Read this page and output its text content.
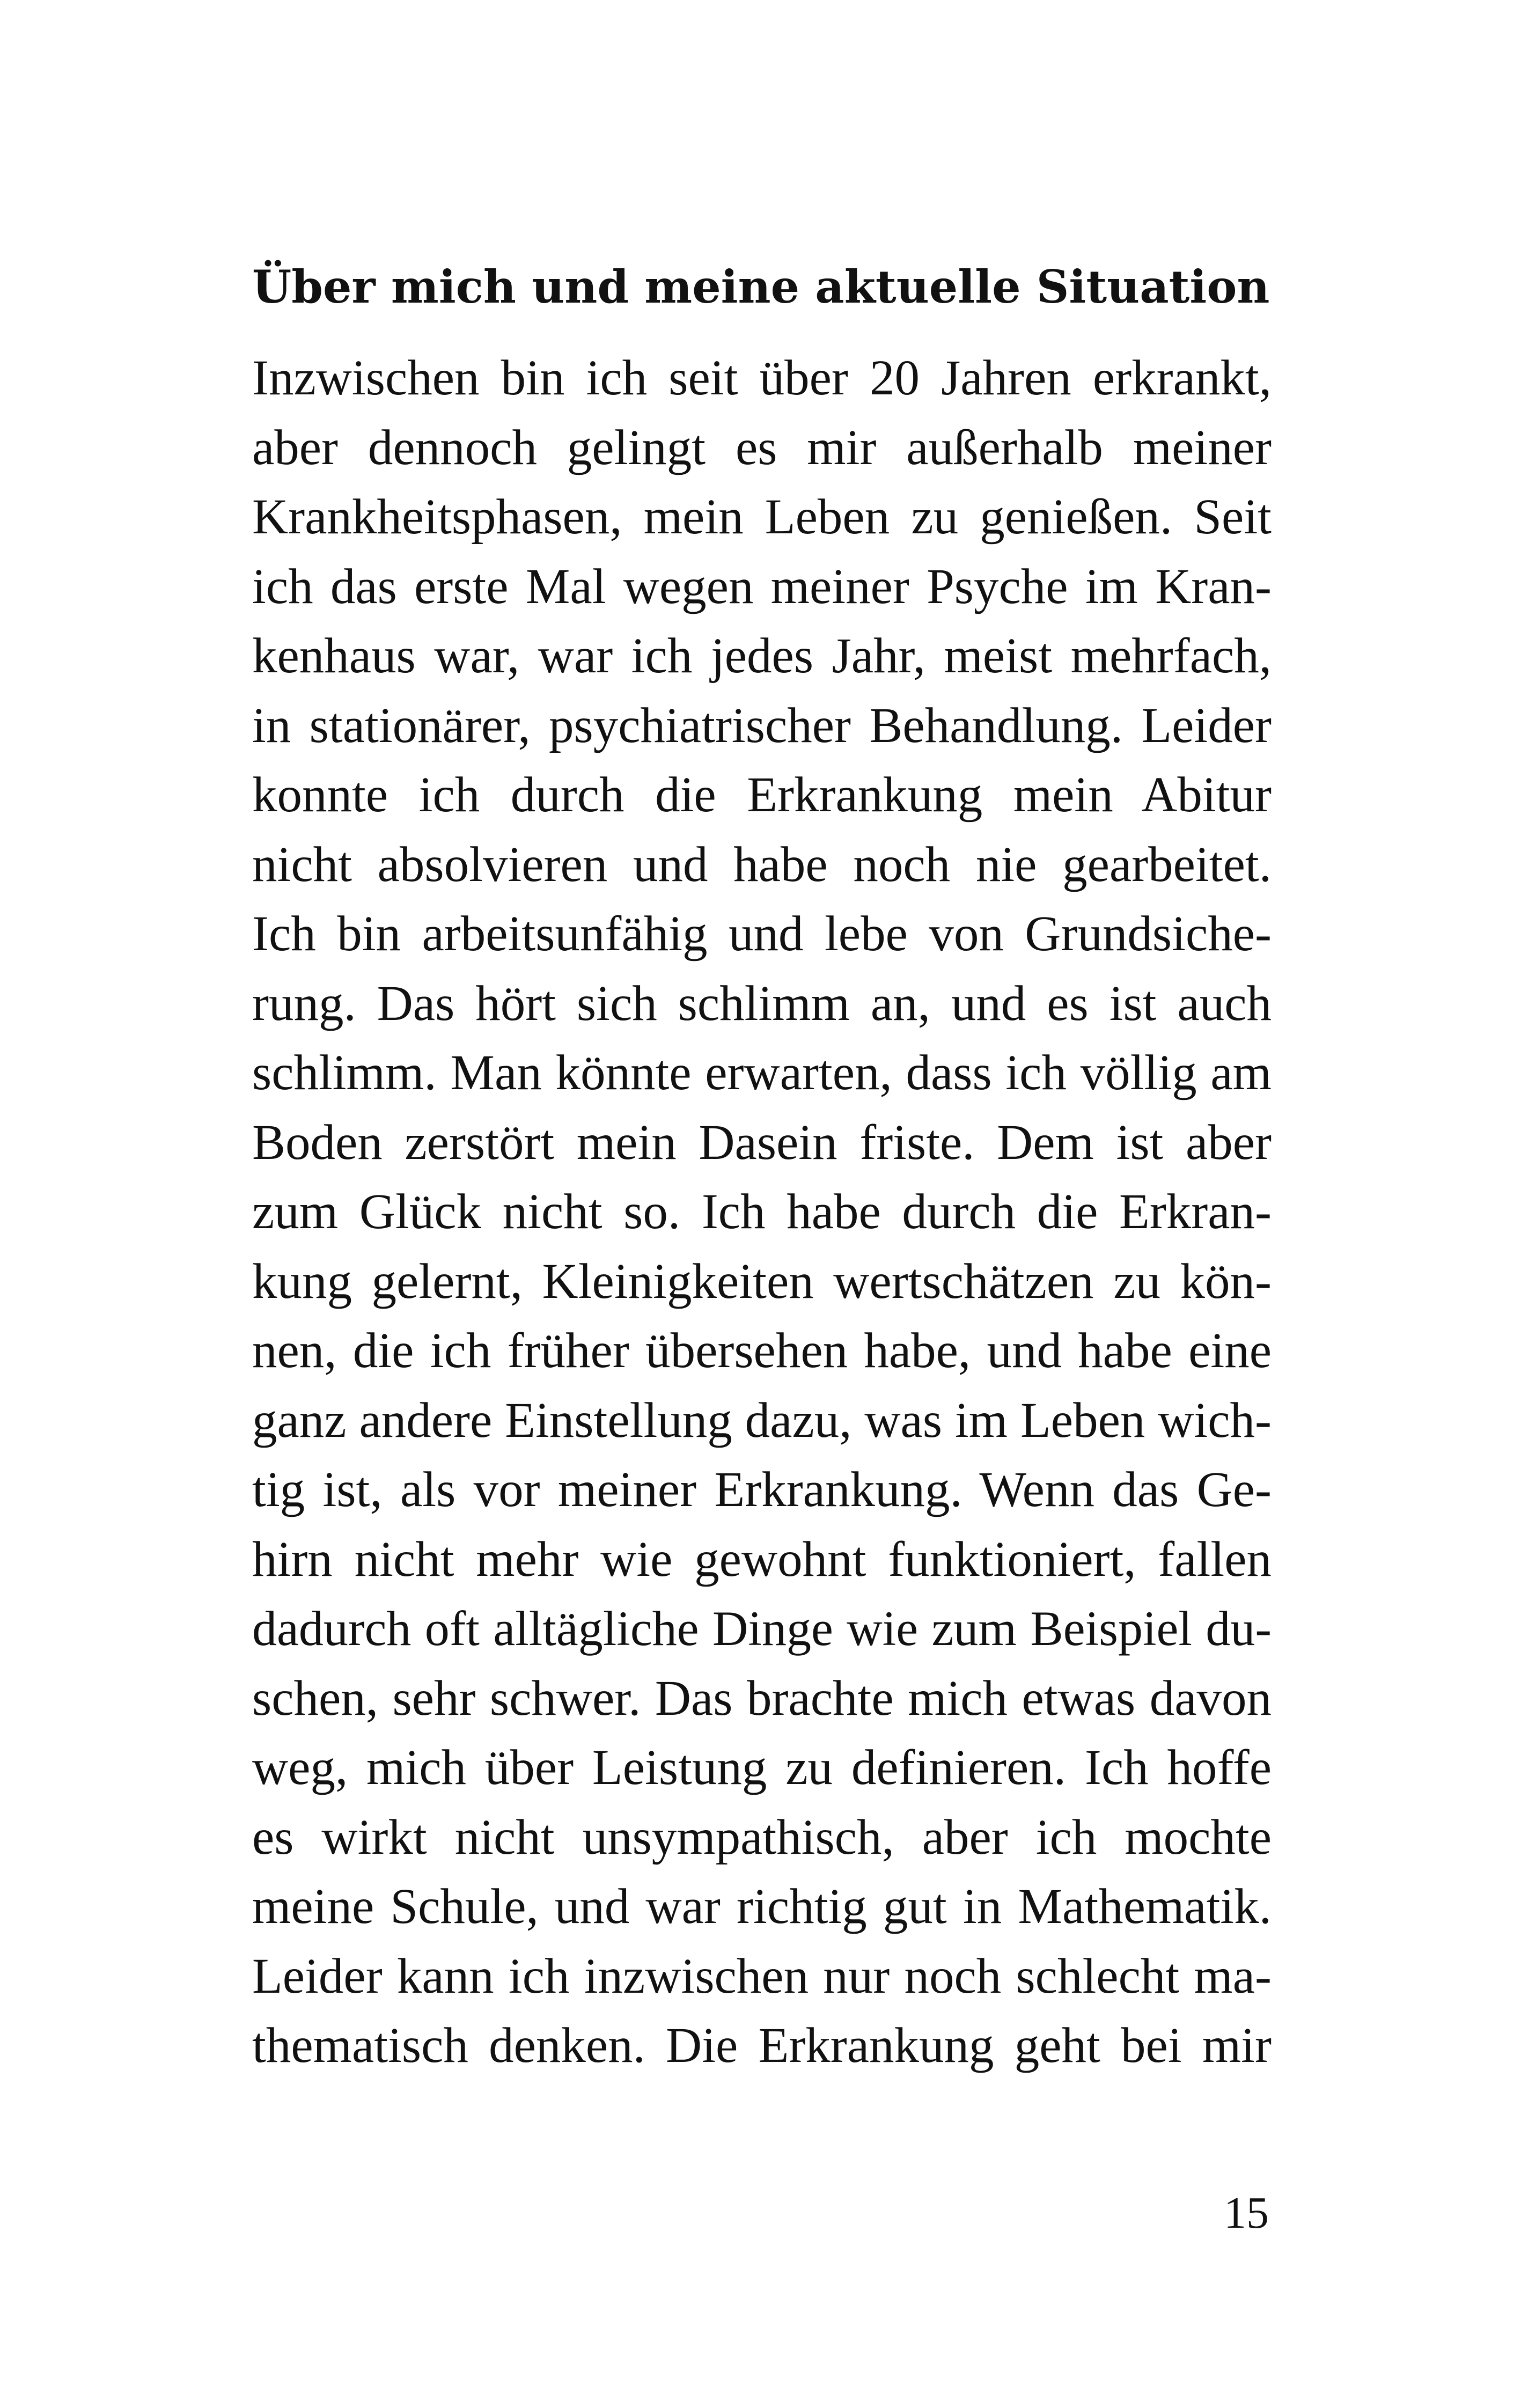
Über mich und meine aktuelle Situation
Inzwischen bin ich seit über 20 Jahren erkrankt,
aber dennoch gelingt es mir außerhalb meiner
Krankheitsphasen, mein Leben zu genießen. Seit
ich das erste Mal wegen meiner Psyche im Kran-
kenhaus war, war ich jedes Jahr, meist mehrfach,
in stationärer, psychiatrischer Behandlung. Leider
konnte ich durch die Erkrankung mein Abitur
nicht absolvieren und habe noch nie gearbeitet.
Ich bin arbeitsunfähig und lebe von Grundsiche-
rung. Das hört sich schlimm an, und es ist auch
schlimm. Man könnte erwarten, dass ich völlig am
Boden zerstört mein Dasein friste. Dem ist aber
zum Glück nicht so. Ich habe durch die Erkran-
kung gelernt, Kleinigkeiten wertschätzen zu kön-
nen, die ich früher übersehen habe, und habe eine
ganz andere Einstellung dazu, was im Leben wich-
tig ist, als vor meiner Erkrankung. Wenn das Ge-
hirn nicht mehr wie gewohnt funktioniert, fallen
dadurch oft alltägliche Dinge wie zum Beispiel du-
schen, sehr schwer. Das brachte mich etwas davon
weg, mich über Leistung zu definieren. Ich hoffe
es wirkt nicht unsympathisch, aber ich mochte
meine Schule, und war richtig gut in Mathematik.
Leider kann ich inzwischen nur noch schlecht ma-
thematisch denken. Die Erkrankung geht bei mir
15
